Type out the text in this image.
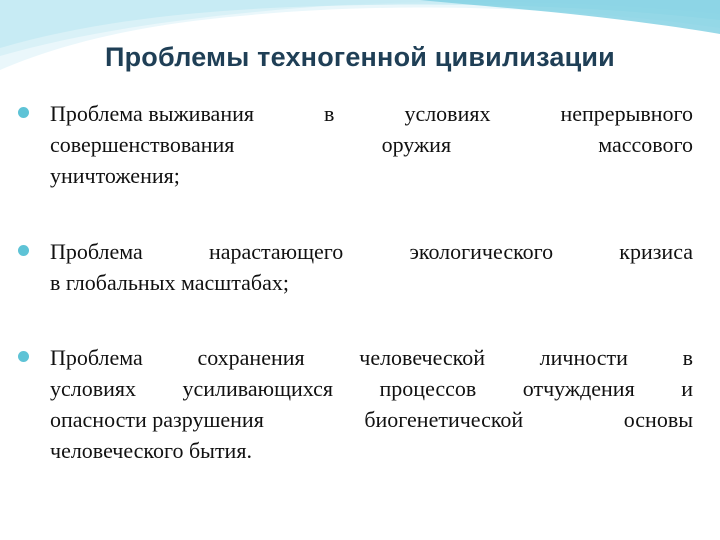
Проблемы техногенной цивилизации
Проблема выживания	в	условиях	непрерывного
совершенствования	оружия	массового
уничтожения;
Проблема	нарастающего	экологического	кризиса
в глобальных масштабах;
Проблема сохранения человеческой личности в
условиях усиливающихся процессов отчуждения и
опасности разрушения	биогенетической	основы
человеческого бытия.
